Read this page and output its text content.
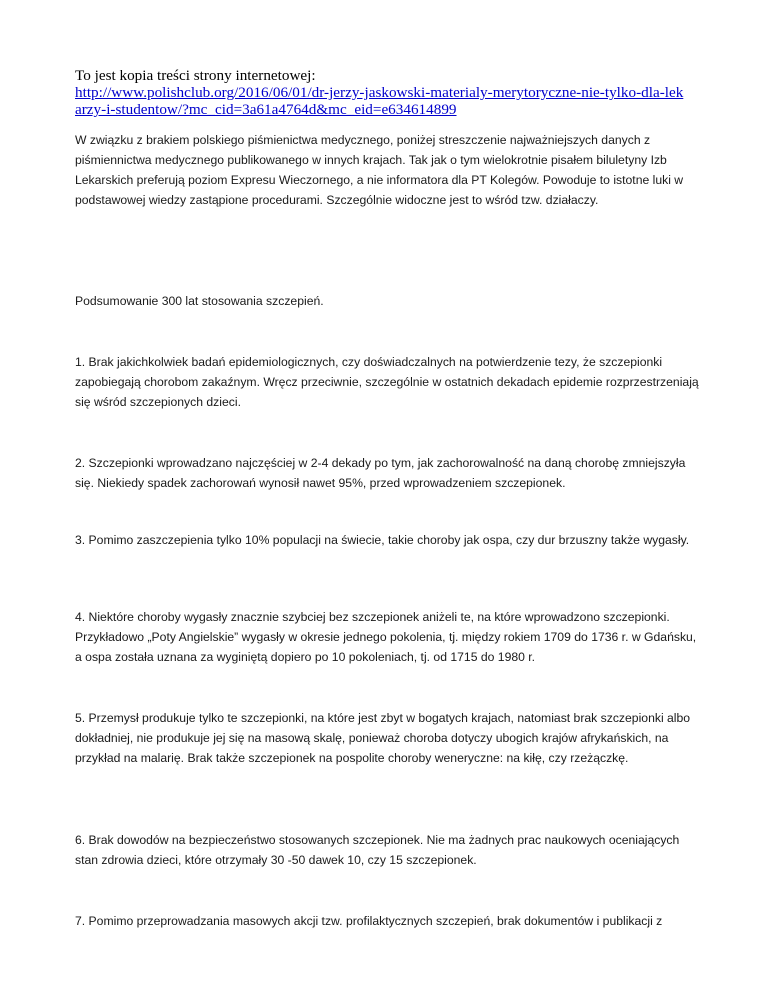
To jest kopia treści strony internetowej:
http://www.polishclub.org/2016/06/01/dr-jerzy-jaskowski-materialy-merytoryczne-nie-tylko-dla-lekarzy-i-studentow/?mc_cid=3a61a4764d&mc_eid=e634614899

W związku z brakiem polskiego piśmienictwa medycznego, poniżej streszczenie najważniejszych danych z piśmiennictwa medycznego publikowanego w innych krajach. Tak jak o tym wielokrotnie pisałem biluletyny Izb Lekarskich preferują poziom Expresu Wieczornego, a nie informatora dla PT Kolegów. Powoduje to istotne luki w podstawowej wiedzy zastąpione procedurami. Szczególnie widoczne jest to wśród tzw. działaczy.

Podsumowanie 300 lat stosowania szczepień.

1. Brak jakichkolwiek badań epidemiologicznych, czy doświadczalnych na potwierdzenie tezy, że szczepionki zapobiegają chorobom zakaźnym. Wręcz przeciwnie, szczególnie w ostatnich dekadach epidemie rozprzestrzeniają się wśród szczepionych dzieci.

2. Szczepionki wprowadzano najczęściej w 2-4 dekady po tym, jak zachorowalność na daną chorobę zmniejszyła się. Niekiedy spadek zachorowań wynosił nawet 95%, przed wprowadzeniem szczepionek.

3. Pomimo zaszczepienia tylko 10% populacji na świecie, takie choroby jak ospa, czy dur brzuszny także wygasły.

4. Niektóre choroby wygasły znacznie szybciej bez szczepionek aniżeli te, na które wprowadzono szczepionki. Przykładowo „Poty Angielskie” wygasły w okresie jednego pokolenia, tj. między rokiem 1709 do 1736 r. w Gdańsku, a ospa została uznana za wyginiętą dopiero po 10 pokoleniach, tj. od 1715 do 1980 r.

5. Przemysł produkuje tylko te szczepionki, na które jest zbyt w bogatych krajach, natomiast brak szczepionki albo dokładniej, nie produkuje jej się na masową skalę, ponieważ choroba dotyczy ubogich krajów afrykańskich, na przykład na malarię. Brak także szczepionek na pospolite choroby weneryczne: na kiłę, czy rzeżączkę.

6. Brak dowodów na bezpieczeństwo stosowanych szczepionek. Nie ma żadnych prac naukowych oceniających stan zdrowia dzieci, które otrzymały 30 -50 dawek 10, czy 15 szczepionek.

7. Pomimo przeprowadzania masowych akcji tzw. profilaktycznych szczepień, brak dokumentów i publikacji z
